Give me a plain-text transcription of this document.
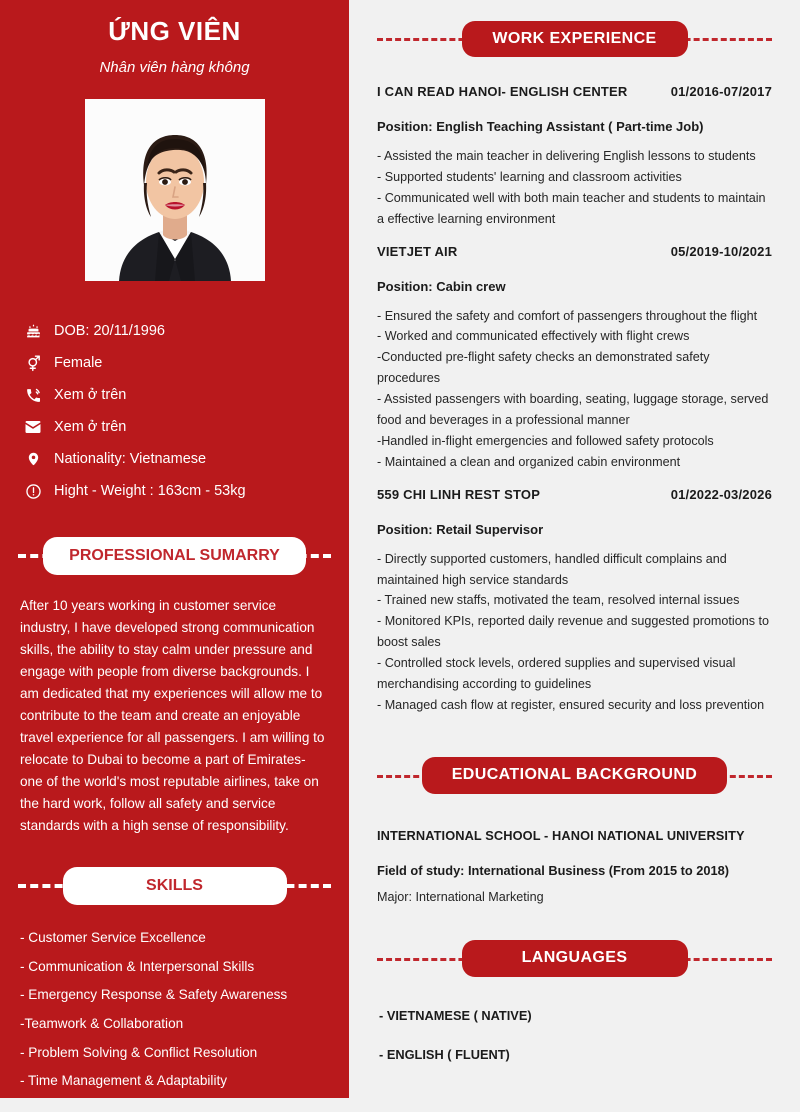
ỨNG VIÊN
Nhân viên hàng không
DOB: 20/11/1996
Female
Xem ở trên
Xem ở trên
Nationality: Vietnamese
Hight - Weight : 163cm - 53kg
PROFESSIONAL SUMARRY

After 10 years working in customer service industry, I have developed strong communication skills, the ability to stay calm under pressure and engage with people from diverse backgrounds. I am dedicated that my experiences will allow me to contribute to the team and create an enjoyable travel experience for all passengers. I am willing to relocate to Dubai to become a part of Emirates- one of the world's most reputable airlines, take on the hard work, follow all safety and service standards with a high sense of responsibility.

SKILLS
- Customer Service Excellence
- Communication & Interpersonal Skills
- Emergency Response & Safety Awareness
-Teamwork & Collaboration
- Problem Solving & Conflict Resolution
- Time Management & Adaptability
WORK EXPERIENCE
I CAN READ HANOI- ENGLISH CENTER	01/2016-07/2017
Position: English Teaching Assistant ( Part-time Job)
- Assisted the main teacher in delivering English lessons to students
- Supported students' learning and classroom activities
- Communicated well with both main teacher and students to maintain a effective learning environment
VIETJET AIR	05/2019-10/2021
Position: Cabin crew
- Ensured the safety and comfort of passengers throughout the flight
- Worked and communicated effectively with flight crews
-Conducted pre-flight safety checks an demonstrated safety procedures
- Assisted passengers with boarding, seating, luggage storage, served food and beverages in a professional manner
-Handled in-flight emergencies and followed safety protocols
- Maintained a clean and organized cabin environment
559 CHI LINH REST STOP	01/2022-03/2026
Position: Retail Supervisor
- Directly supported customers, handled difficult complains and maintained high service standards
- Trained new staffs, motivated the team, resolved internal issues
- Monitored KPIs, reported daily revenue and suggested promotions to boost sales
- Controlled stock levels, ordered supplies and supervised visual merchandising according to guidelines
- Managed cash flow at register, ensured security and loss prevention
EDUCATIONAL BACKGROUND
INTERNATIONAL SCHOOL - HANOI NATIONAL UNIVERSITY
Field of study: International Business (From 2015 to 2018)
Major: International Marketing
LANGUAGES
- VIETNAMESE ( NATIVE)
- ENGLISH ( FLUENT)
